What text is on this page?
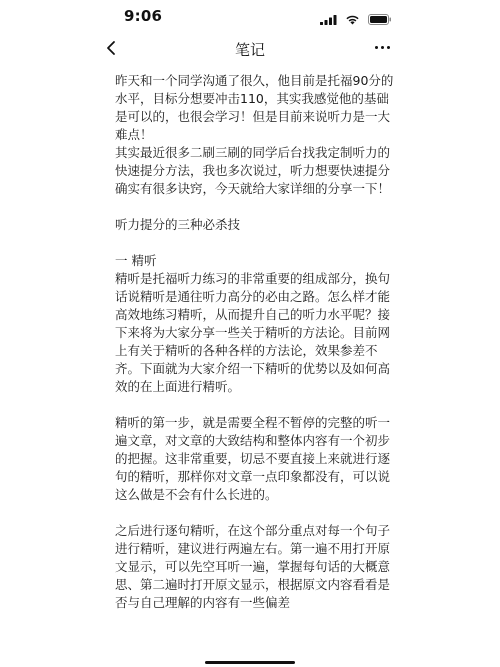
9:06
笔记

昨天和一个同学沟通了很久，他目前是托福90分的水平，目标分想要冲击110，其实我感觉他的基础是可以的，也很会学习！但是目前来说听力是一大难点！

其实最近很多二刷三刷的同学后台找我定制听力的快速提分方法，我也多次说过，听力想要快速提分确实有很多诀窍，今天就给大家详细的分享一下！

听力提分的三种必杀技

一 精听

精听是托福听力练习的非常重要的组成部分，换句话说精听是通往听力高分的必由之路。怎么样才能高效地练习精听，从而提升自己的听力水平呢？接下来将为大家分享一些关于精听的方法论。目前网上有关于精听的各种各样的方法论，效果参差不齐。下面就为大家介绍一下精听的优势以及如何高效的在上面进行精听。

精听的第一步，就是需要全程不暂停的完整的听一遍文章，对文章的大致结构和整体内容有一个初步的把握。这非常重要，切忌不要直接上来就进行逐句的精听，那样你对文章一点印象都没有，可以说这么做是不会有什么长进的。

之后进行逐句精听，在这个部分重点对每一个句子进行精听，建议进行两遍左右。第一遍不用打开原文显示，可以先空耳听一遍，掌握每句话的大概意思、第二遍时打开原文显示，根据原文内容看看是否与自己理解的内容有一些偏差
